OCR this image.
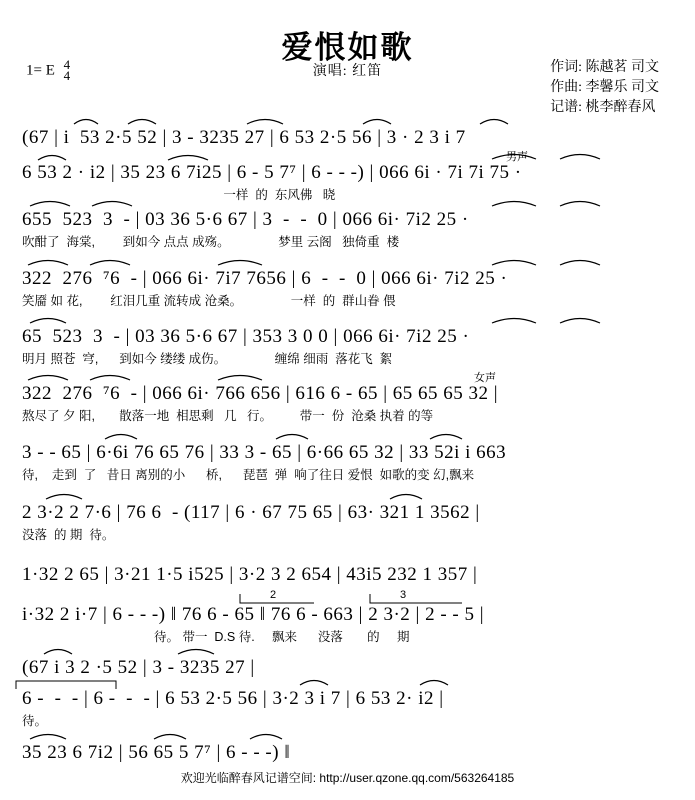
爱恨如歌
演唱: 红笛
1= E 4
4
作词: 陈越茗 司文
作曲: 李馨乐 司文
记谱: 桃李醉春风
(67 | i  53 2·5 52 | 3 - 3235 27 | 6 53 2·5 56 | 3 · 2 3 i 7
6 53 2 · i2 | 35 23 6 7i25 | 6 - 5 7⁷ | 6 - - -) | 066 6i · 7i 7i 75 ·
一样  的  东风佛   晓
男声
655  523  3  - | 03 36 5·6 67 | 3  -  -  0 | 066 6i· 7i2 25 ·
吹酣了  海棠,        到如今 点点 成殇。              梦里 云阁   独倚重  楼
322  276  ⁷6  - | 066 6i· 7i7 7656 | 6  -  -  0 | 066 6i· 7i2 25 ·
笑靥 如 花,        红泪几重 流转成 沧桑。              一样  的  群山眷 偎
65  523  3  - | 03 36 5·6 67 | 353 3 0 0 | 066 6i· 7i2 25 ·
明月 照苍  穹,      到如今 缕缕 成伤。              缠绵 细雨  落花飞  絮
322  276  ⁷6  - | 066 6i· 766 656 | 616 6 - 65 | 65 65 65 32 |
熬尽了 夕 阳,       散落一地  相思剩   几   行。        带一  份  沧桑 执着 的等
女声
3 - - 65 | 6·6i 76 65 76 | 33 3 - 65 | 6·66 65 32 | 33 52i i 663
待,    走到  了   昔日 离别的小      桥,      琵琶  弹  响了往日 爱恨  如歌的变 幻,飘来
2 3·2 2 7·6 | 76 6  - (117 | 6 · 67 75 65 | 63· 321 1 3562 |
没落  的 期  待。
1·32 2 65 | 3·21 1·5 i525 | 3·2 3 2 654 | 43i5 232 1 357 |
i·32 2 i·7 | 6 - - -) ‖ 76 6 - 65 ‖ 76 6 - 663 | 2 3·2 | 2 - - 5 |
待。 带一  D.S 待.     飘来      没落       的     期
2	3
(67 i 3 2 ·5 52 | 3 - 3235 27 |
6 -  -  - | 6 -  -  - | 6 53 2·5 56 | 3·2 3 i 7 | 6 53 2· i2 |
待。
35 23 6 7i2 | 56 65 5 7⁷ | 6 - - -) ‖
欢迎光临醉春风记谱空间: http://user.qzone.qq.com/563264185
